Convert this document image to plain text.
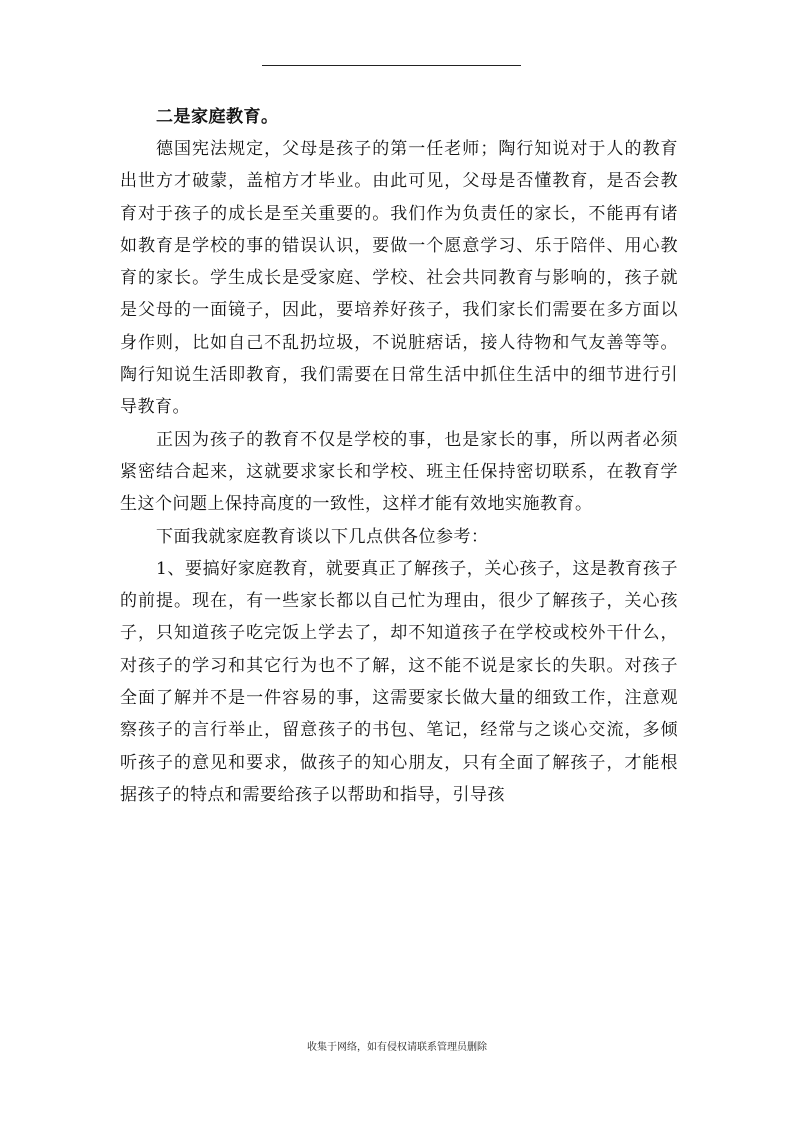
二是家庭教育。

德国宪法规定，父母是孩子的第一任老师；陶行知说对于人的教育出世方才破蒙，盖棺方才毕业。由此可见，父母是否懂教育，是否会教育对于孩子的成长是至关重要的。我们作为负责任的家长，不能再有诸如教育是学校的事的错误认识，要做一个愿意学习、乐于陪伴、用心教育的家长。学生成长是受家庭、学校、社会共同教育与影响的，孩子就是父母的一面镜子，因此，要培养好孩子，我们家长们需要在多方面以身作则，比如自己不乱扔垃圾，不说脏痞话，接人待物和气友善等等。陶行知说生活即教育，我们需要在日常生活中抓住生活中的细节进行引导教育。

正因为孩子的教育不仅是学校的事，也是家长的事，所以两者必须紧密结合起来，这就要求家长和学校、班主任保持密切联系，在教育学生这个问题上保持高度的一致性，这样才能有效地实施教育。

下面我就家庭教育谈以下几点供各位参考：

1、要搞好家庭教育，就要真正了解孩子，关心孩子，这是教育孩子的前提。现在，有一些家长都以自己忙为理由，很少了解孩子，关心孩子，只知道孩子吃完饭上学去了，却不知道孩子在学校或校外干什么，对孩子的学习和其它行为也不了解，这不能不说是家长的失职。对孩子全面了解并不是一件容易的事，这需要家长做大量的细致工作，注意观察孩子的言行举止，留意孩子的书包、笔记，经常与之谈心交流，多倾听孩子的意见和要求，做孩子的知心朋友，只有全面了解孩子，才能根据孩子的特点和需要给孩子以帮助和指导，引导孩

收集于网络，如有侵权请联系管理员删除
